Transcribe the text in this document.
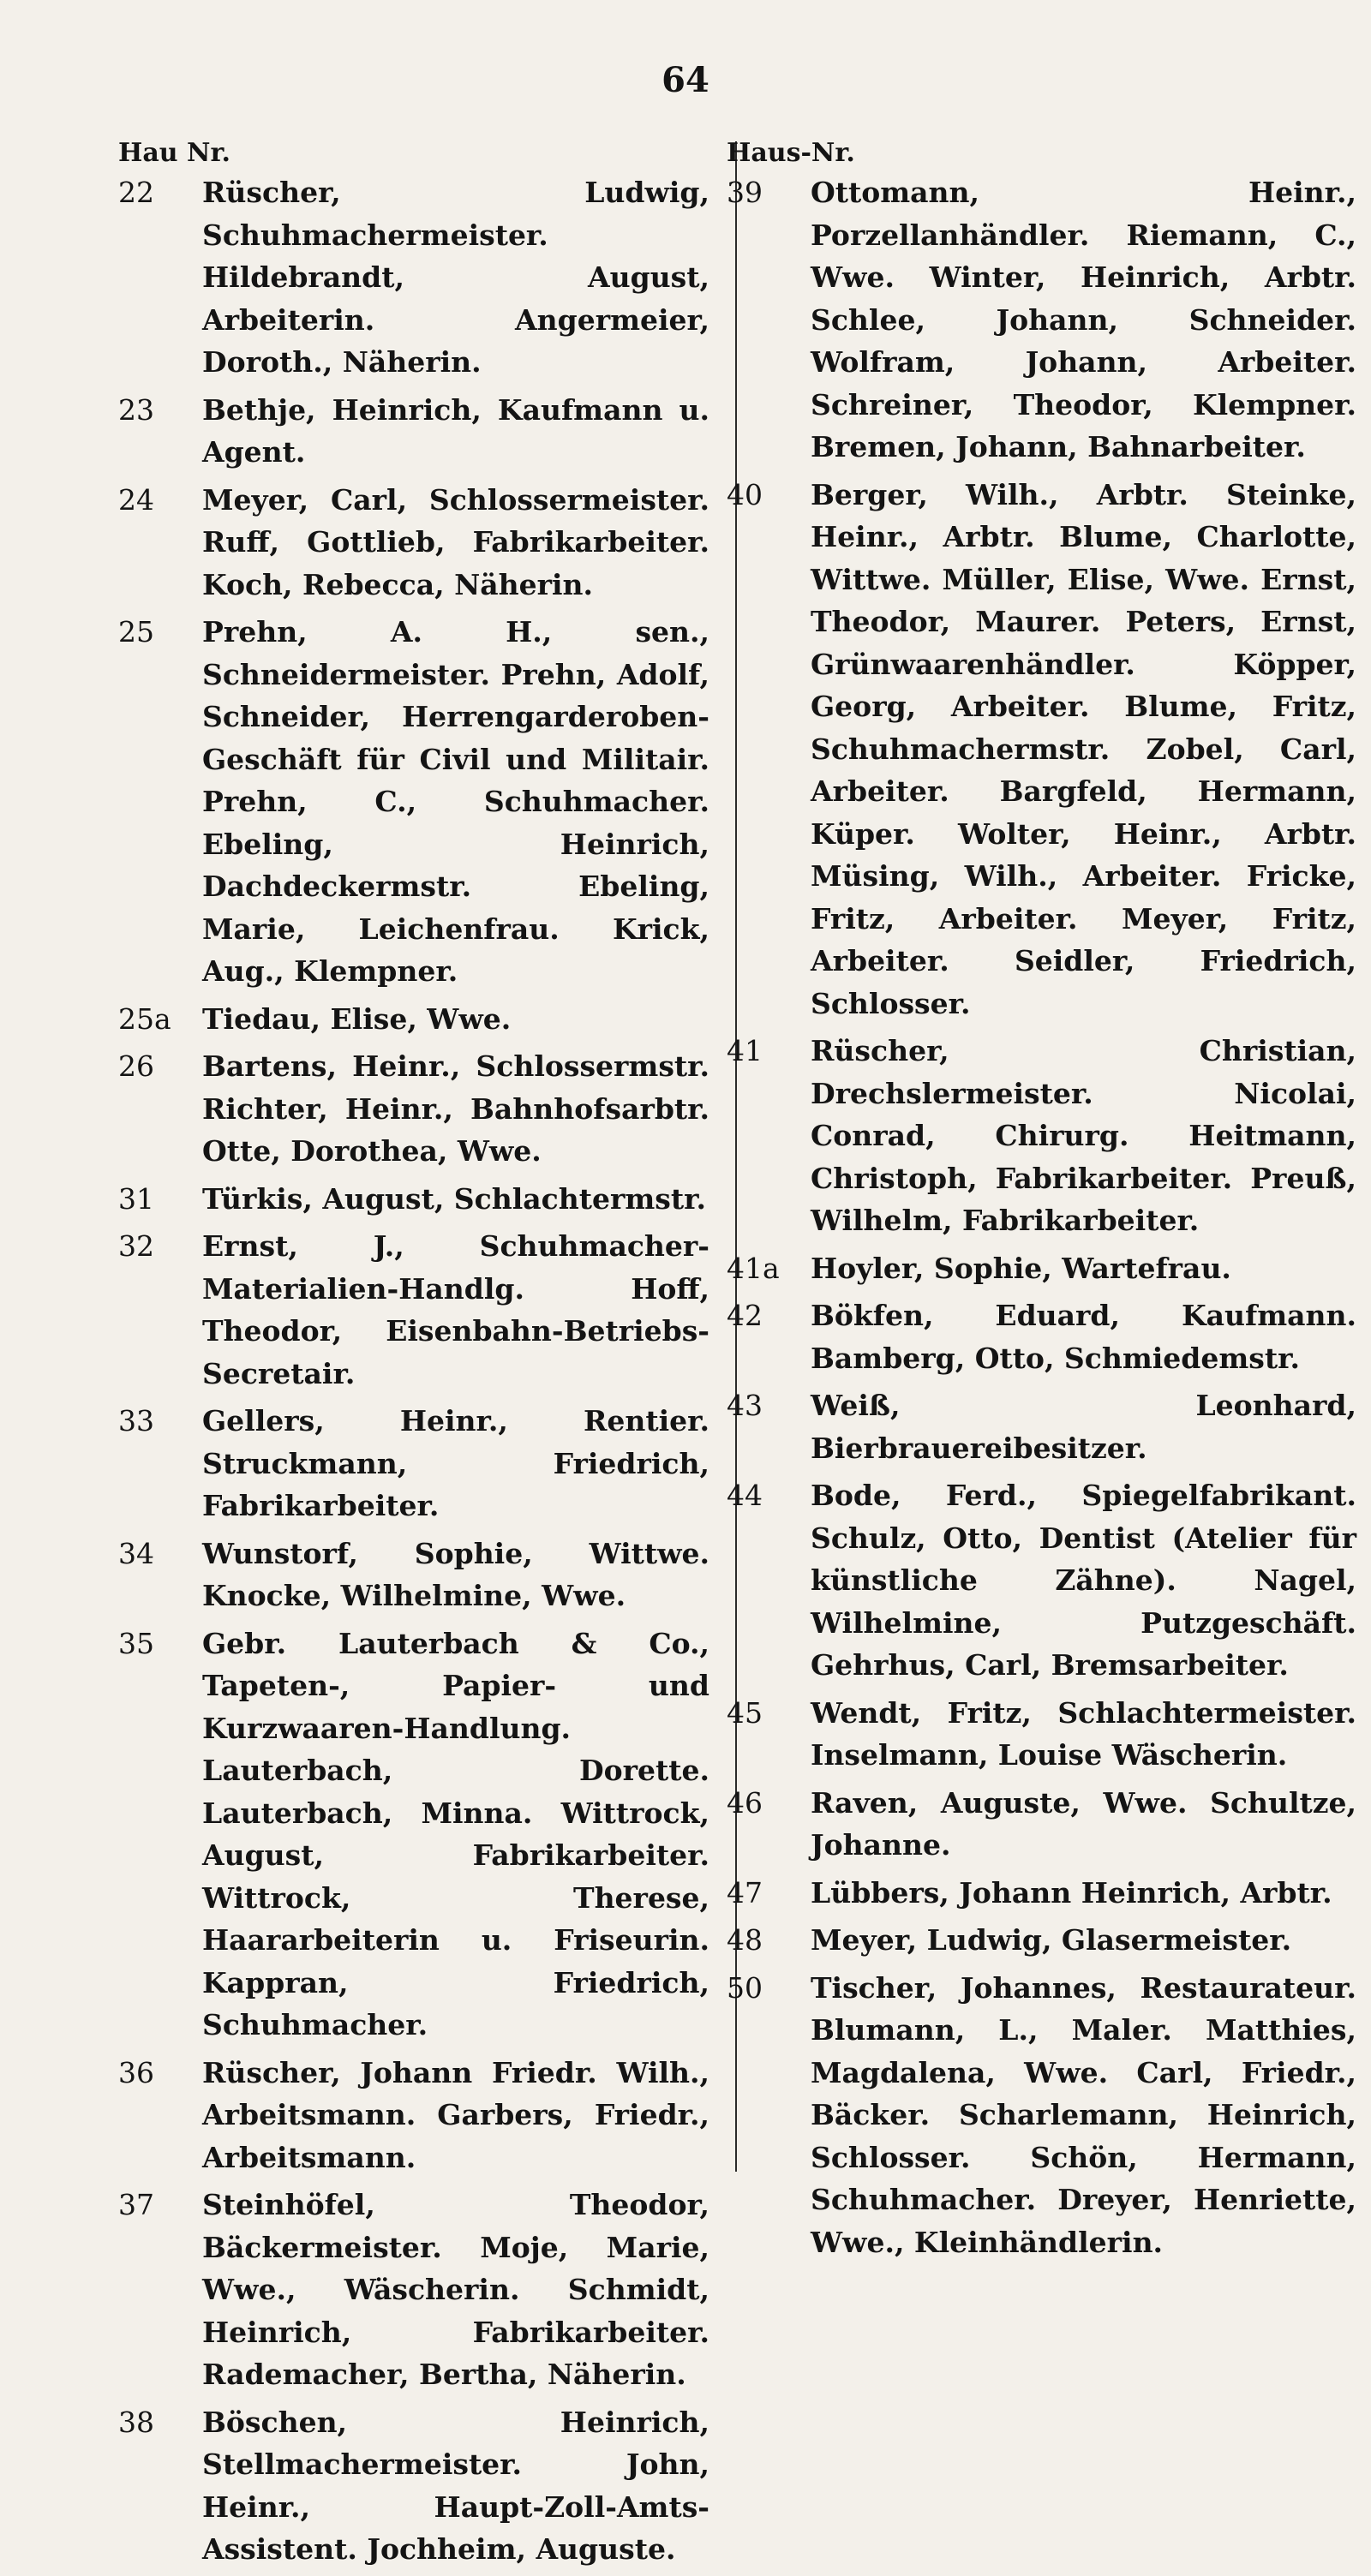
64
Hau Nr.
22	Rüscher, Ludwig, Schuhmachermeister. Hildebrandt, August, Arbeiterin. Angermeier, Doroth., Näherin.
23	Bethje, Heinrich, Kaufmann u. Agent.
24	Meyer, Carl, Schlossermeister. Ruff, Gottlieb, Fabrikarbeiter. Koch, Rebecca, Näherin.
25	Prehn, A. H., sen., Schneidermeister. Prehn, Adolf, Schneider, Herrengarderoben-Geschäft für Civil und Militair. Prehn, C., Schuhmacher. Ebeling, Heinrich, Dachdeckermstr. Ebeling, Marie, Leichenfrau. Krick, Aug., Klempner.
25a	Tiedau, Elise, Wwe.
26	Bartens, Heinr., Schlossermstr. Richter, Heinr., Bahnhofsarbtr. Otte, Dorothea, Wwe.
31	Türkis, August, Schlachtermstr.
32	Ernst, J., Schuhmacher-Materialien-Handlg. Hoff, Theodor, Eisenbahn-Betriebs-Secretair.
33	Gellers, Heinr., Rentier. Struckmann, Friedrich, Fabrikarbeiter.
34	Wunstorf, Sophie, Wittwe. Knocke, Wilhelmine, Wwe.
35	Gebr. Lauterbach & Co., Tapeten-, Papier- und Kurzwaaren-Handlung. Lauterbach, Dorette. Lauterbach, Minna. Wittrock, August, Fabrikarbeiter. Wittrock, Therese, Haararbeiterin u. Friseurin. Kappran, Friedrich, Schuhmacher.
36	Rüscher, Johann Friedr. Wilh., Arbeitsmann. Garbers, Friedr., Arbeitsmann.
37	Steinhöfel, Theodor, Bäckermeister. Moje, Marie, Wwe., Wäscherin. Schmidt, Heinrich, Fabrikarbeiter. Rademacher, Bertha, Näherin.
38	Böschen, Heinrich, Stellmachermeister. John, Heinr., Haupt-Zoll-Amts-Assistent. Jochheim, Auguste.
Haus-Nr.
39	Ottomann, Heinr., Porzellanhändler. Riemann, C., Wwe. Winter, Heinrich, Arbtr. Schlee, Johann, Schneider. Wolfram, Johann, Arbeiter. Schreiner, Theodor, Klempner. Bremen, Johann, Bahnarbeiter.
40	Berger, Wilh., Arbtr. Steinke, Heinr., Arbtr. Blume, Charlotte, Wittwe. Müller, Elise, Wwe. Ernst, Theodor, Maurer. Peters, Ernst, Grünwaarenhändler. Köpper, Georg, Arbeiter. Blume, Fritz, Schuhmachermstr. Zobel, Carl, Arbeiter. Bargfeld, Hermann, Küper. Wolter, Heinr., Arbtr. Müsing, Wilh., Arbeiter. Fricke, Fritz, Arbeiter. Meyer, Fritz, Arbeiter. Seidler, Friedrich, Schlosser.
41	Rüscher, Christian, Drechslermeister. Nicolai, Conrad, Chirurg. Heitmann, Christoph, Fabrikarbeiter. Preuß, Wilhelm, Fabrikarbeiter.
41a	Hoyler, Sophie, Wartefrau.
42	Bökfen, Eduard, Kaufmann. Bamberg, Otto, Schmiedemstr.
43	Weiß, Leonhard, Bierbrauereibesitzer.
44	Bode, Ferd., Spiegelfabrikant. Schulz, Otto, Dentist (Atelier für künstliche Zähne). Nagel, Wilhelmine, Putzgeschäft. Gehrhus, Carl, Bremsarbeiter.
45	Wendt, Fritz, Schlachtermeister. Inselmann, Louise Wäscherin.
46	Raven, Auguste, Wwe. Schultze, Johanne.
47	Lübbers, Johann Heinrich, Arbtr.
48	Meyer, Ludwig, Glasermeister.
50	Tischer, Johannes, Restaurateur. Blumann, L., Maler. Matthies, Magdalena, Wwe. Carl, Friedr., Bäcker. Scharlemann, Heinrich, Schlosser. Schön, Hermann, Schuhmacher. Dreyer, Henriette, Wwe., Kleinhändlerin.
